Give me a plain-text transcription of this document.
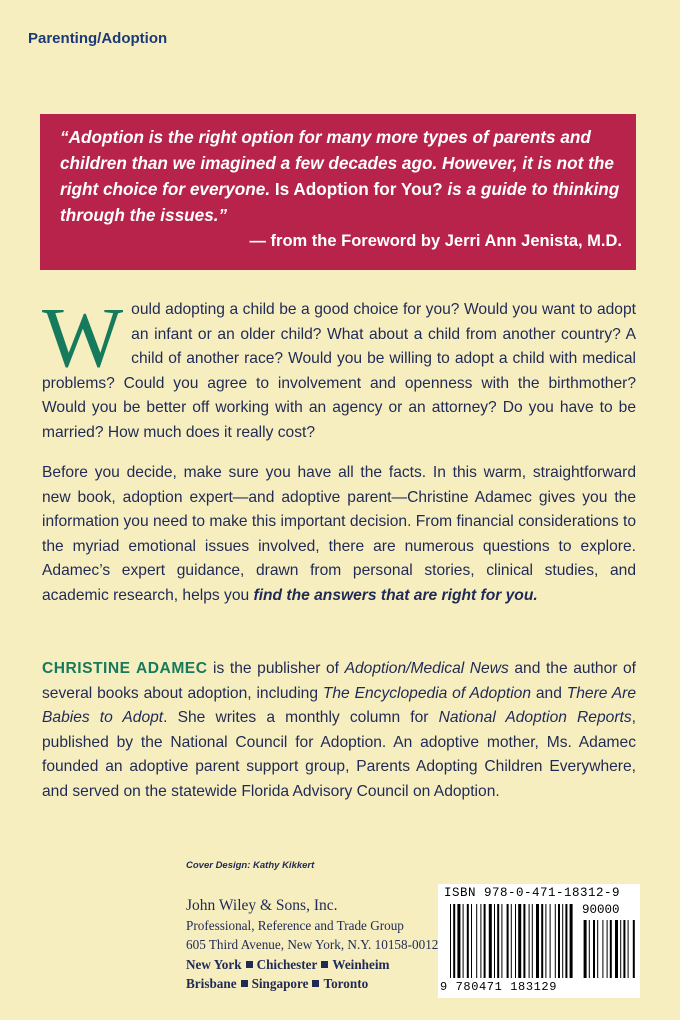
Parenting/Adoption

“Adoption is the right option for many more types of parents and children than we imagined a few decades ago. However, it is not the right choice for everyone. Is Adoption for You? is a guide to thinking through the issues.”

— from the Foreword by Jerri Ann Jenista, M.D.

Would adopting a child be a good choice for you? Would you want to adopt an infant or an older child? What about a child from another country? A child of another race? Would you be willing to adopt a child with medical problems? Could you agree to involvement and openness with the birthmother? Would you be better off working with an agency or an attorney? Do you have to be married? How much does it really cost?

Before you decide, make sure you have all the facts. In this warm, straightforward new book, adoption expert—and adoptive parent—Christine Adamec gives you the information you need to make this important decision. From financial considerations to the myriad emotional issues involved, there are numerous questions to explore. Adamec’s expert guidance, drawn from personal stories, clinical studies, and academic research, helps you find the answers that are right for you.

CHRISTINE ADAMEC is the publisher of Adoption/Medical News and the author of several books about adoption, including The Encyclopedia of Adoption and There Are Babies to Adopt. She writes a monthly column for National Adoption Reports, published by the National Council for Adoption. An adoptive mother, Ms. Adamec founded an adoptive parent support group, Parents Adopting Children Everywhere, and served on the statewide Florida Advisory Council on Adoption.

Cover Design: Kathy Kikkert
John Wiley & Sons, Inc.
Professional, Reference and Trade Group
605 Third Avenue, New York, N.Y. 10158-0012
New York Chichester Weinheim
Brisbane Singapore Toronto
ISBN 978-0-471-18312-9
90000
9 780471 183129
